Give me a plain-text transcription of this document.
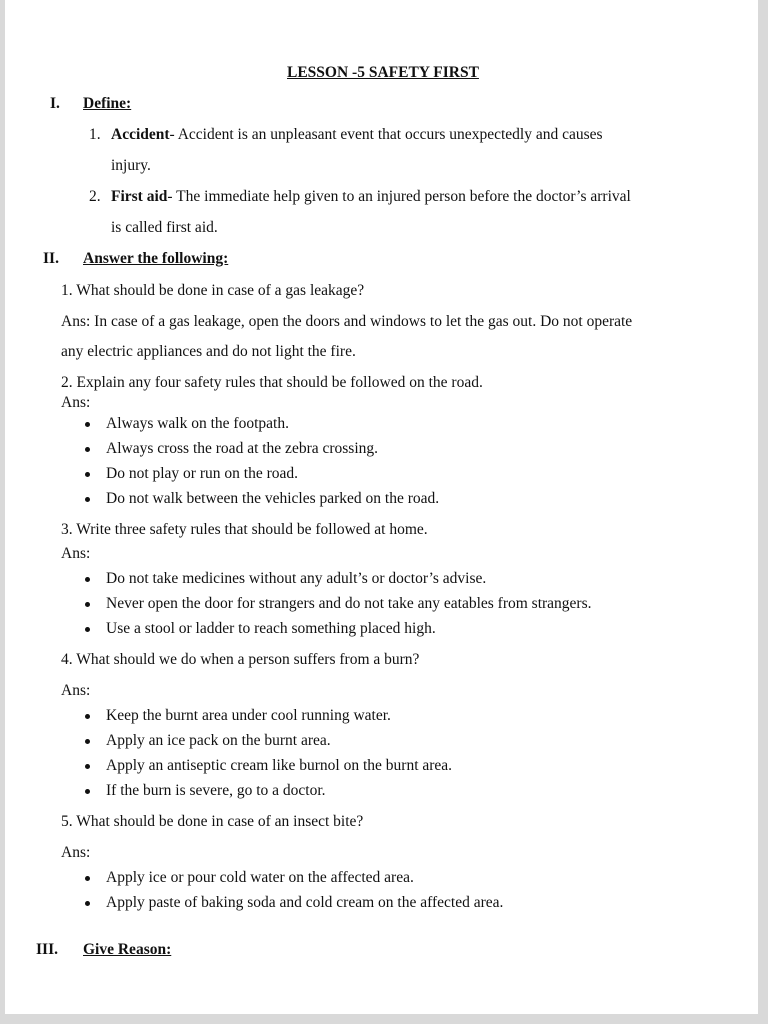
LESSON -5 SAFETY FIRST
I. Define:
1. Accident- Accident is an unpleasant event that occurs unexpectedly and causes
injury.
2. First aid- The immediate help given to an injured person before the doctor’s arrival
is called first aid.
II. Answer the following:
1. What should be done in case of a gas leakage?
Ans: In case of a gas leakage, open the doors and windows to let the gas out. Do not operate
any electric appliances and do not light the fire.
2. Explain any four safety rules that should be followed on the road.
Ans:
Always walk on the footpath.
Always cross the road at the zebra crossing.
Do not play or run on the road.
Do not walk between the vehicles parked on the road.
3. Write three safety rules that should be followed at home.
Ans:
Do not take medicines without any adult’s or doctor’s advise.
Never open the door for strangers and do not take any eatables from strangers.
Use a stool or ladder to reach something placed high.
4. What should we do when a person suffers from a burn?
Ans:
Keep the burnt area under cool running water.
Apply an ice pack on the burnt area.
Apply an antiseptic cream like burnol on the burnt area.
If the burn is severe, go to a doctor.
5. What should be done in case of an insect bite?
Ans:
Apply ice or pour cold water on the affected area.
Apply paste of baking soda and cold cream on the affected area.
III. Give Reason:
